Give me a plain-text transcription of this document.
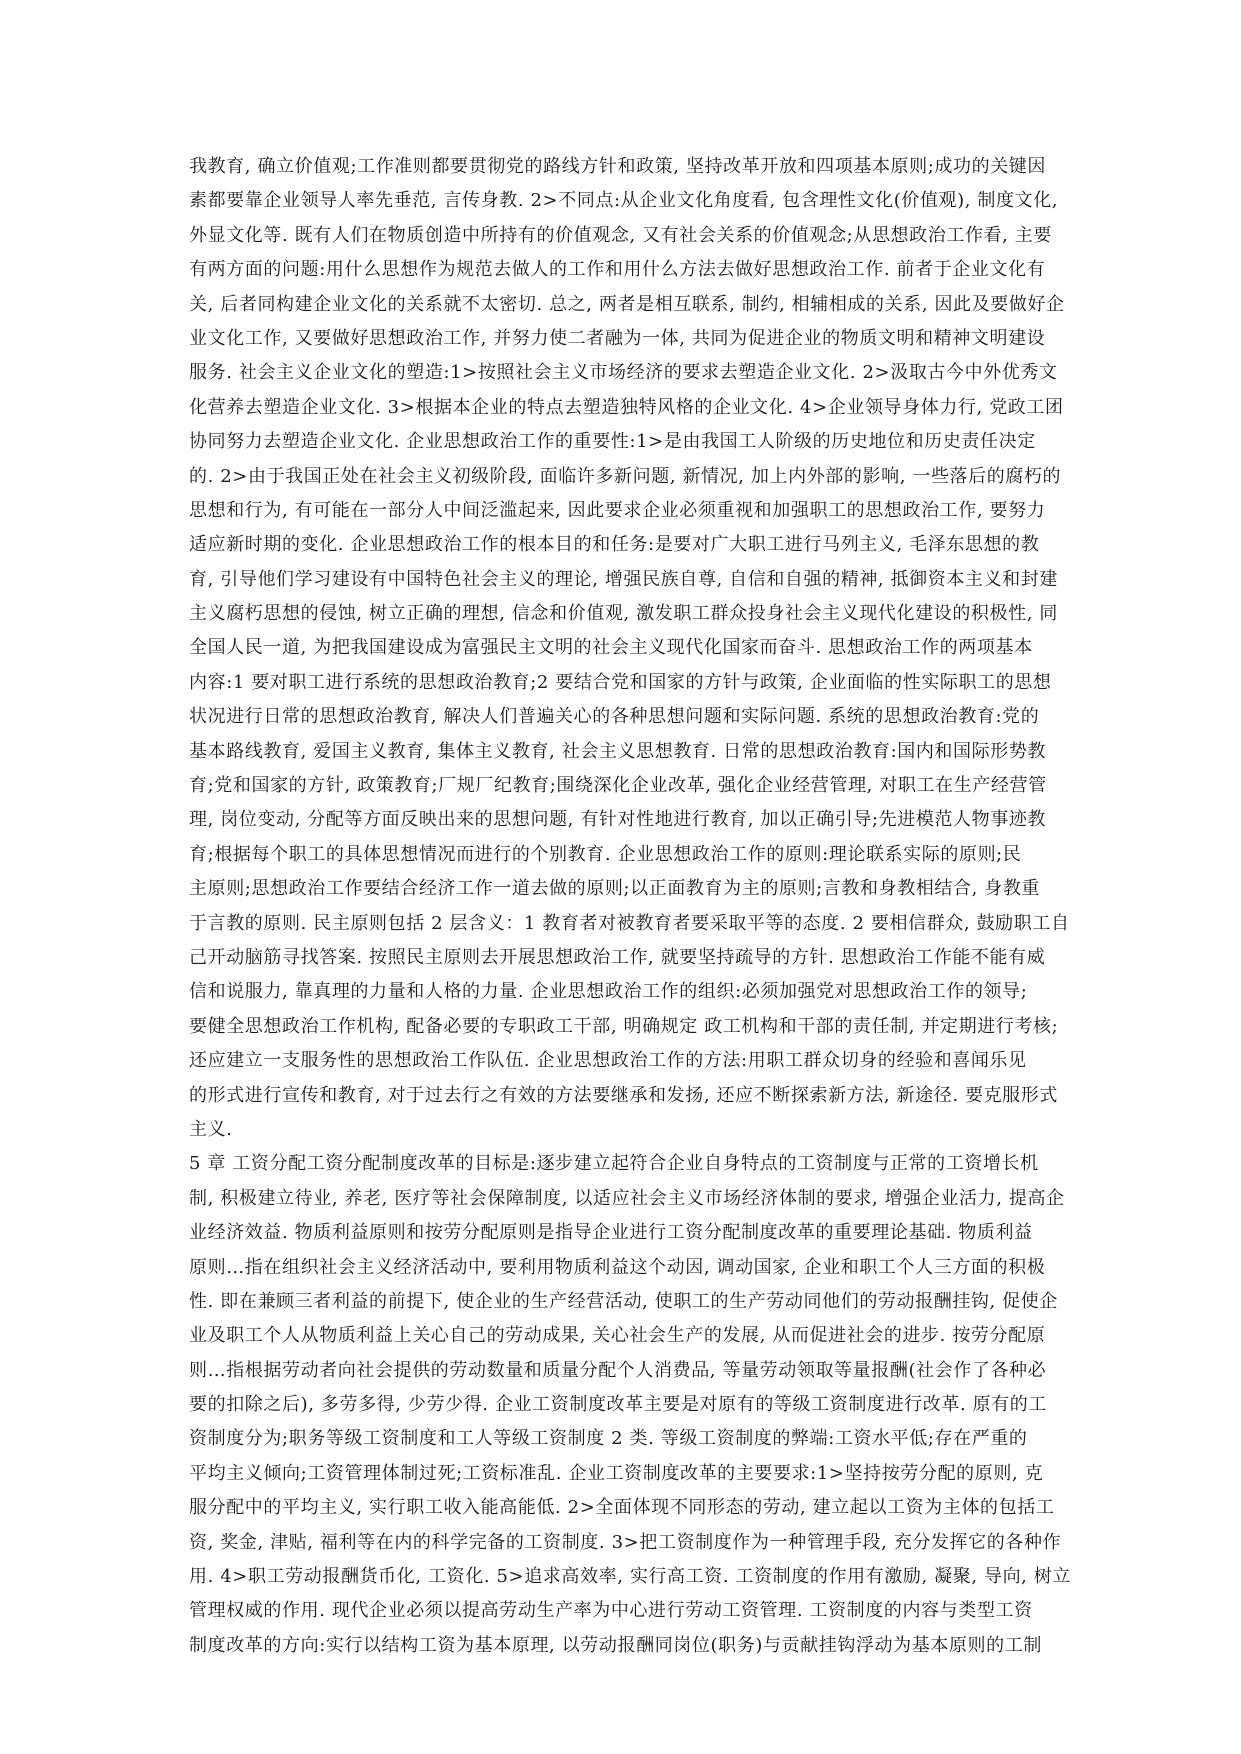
我教育, 确立价值观;工作准则都要贯彻党的路线方针和政策, 坚持改革开放和四项基本原则;成功的关键因
素都要靠企业领导人率先垂范, 言传身教. 2>不同点:从企业文化角度看, 包含理性文化(价值观), 制度文化,
外显文化等. 既有人们在物质创造中所持有的价值观念, 又有社会关系的价值观念;从思想政治工作看, 主要
有两方面的问题:用什么思想作为规范去做人的工作和用什么方法去做好思想政治工作. 前者于企业文化有
关, 后者同构建企业文化的关系就不太密切. 总之, 两者是相互联系, 制约, 相辅相成的关系, 因此及要做好企
业文化工作, 又要做好思想政治工作, 并努力使二者融为一体, 共同为促进企业的物质文明和精神文明建设
服务. 社会主义企业文化的塑造:1>按照社会主义市场经济的要求去塑造企业文化. 2>汲取古今中外优秀文
化营养去塑造企业文化. 3>根据本企业的特点去塑造独特风格的企业文化. 4>企业领导身体力行, 党政工团
协同努力去塑造企业文化. 企业思想政治工作的重要性:1>是由我国工人阶级的历史地位和历史责任决定
的. 2>由于我国正处在社会主义初级阶段, 面临许多新问题, 新情况, 加上内外部的影响, 一些落后的腐朽的
思想和行为, 有可能在一部分人中间泛滥起来, 因此要求企业必须重视和加强职工的思想政治工作, 要努力
适应新时期的变化. 企业思想政治工作的根本目的和任务:是要对广大职工进行马列主义, 毛泽东思想的教
育, 引导他们学习建设有中国特色社会主义的理论, 增强民族自尊, 自信和自强的精神, 抵御资本主义和封建
主义腐朽思想的侵蚀, 树立正确的理想, 信念和价值观, 激发职工群众投身社会主义现代化建设的积极性, 同
全国人民一道, 为把我国建设成为富强民主文明的社会主义现代化国家而奋斗. 思想政治工作的两项基本
内容:1 要对职工进行系统的思想政治教育;2 要结合党和国家的方针与政策, 企业面临的性实际职工的思想
状况进行日常的思想政治教育, 解决人们普遍关心的各种思想问题和实际问题. 系统的思想政治教育:党的
基本路线教育, 爱国主义教育, 集体主义教育, 社会主义思想教育. 日常的思想政治教育:国内和国际形势教
育;党和国家的方针, 政策教育;厂规厂纪教育;围绕深化企业改革, 强化企业经营管理, 对职工在生产经营管
理, 岗位变动, 分配等方面反映出来的思想问题, 有针对性地进行教育, 加以正确引导;先进模范人物事迹教
育;根据每个职工的具体思想情况而进行的个别教育. 企业思想政治工作的原则:理论联系实际的原则;民
主原则;思想政治工作要结合经济工作一道去做的原则;以正面教育为主的原则;言教和身教相结合, 身教重
于言教的原则. 民主原则包括 2 层含义：1 教育者对被教育者要采取平等的态度. 2 要相信群众, 鼓励职工自
己开动脑筋寻找答案. 按照民主原则去开展思想政治工作, 就要坚持疏导的方针. 思想政治工作能不能有威
信和说服力, 靠真理的力量和人格的力量. 企业思想政治工作的组织:必须加强党对思想政治工作的领导;
要健全思想政治工作机构, 配备必要的专职政工干部, 明确规定 政工机构和干部的责任制, 并定期进行考核;
还应建立一支服务性的思想政治工作队伍. 企业思想政治工作的方法:用职工群众切身的经验和喜闻乐见
的形式进行宣传和教育, 对于过去行之有效的方法要继承和发扬, 还应不断探索新方法, 新途径. 要克服形式
主义.
5 章 工资分配工资分配制度改革的目标是:逐步建立起符合企业自身特点的工资制度与正常的工资增长机
制, 积极建立待业, 养老, 医疗等社会保障制度, 以适应社会主义市场经济体制的要求, 增强企业活力, 提高企
业经济效益. 物质利益原则和按劳分配原则是指导企业进行工资分配制度改革的重要理论基础. 物质利益
原则…指在组织社会主义经济活动中, 要利用物质利益这个动因, 调动国家, 企业和职工个人三方面的积极
性. 即在兼顾三者利益的前提下, 使企业的生产经营活动, 使职工的生产劳动同他们的劳动报酬挂钩, 促使企
业及职工个人从物质利益上关心自己的劳动成果, 关心社会生产的发展, 从而促进社会的进步. 按劳分配原
则…指根据劳动者向社会提供的劳动数量和质量分配个人消费品, 等量劳动领取等量报酬(社会作了各种必
要的扣除之后), 多劳多得, 少劳少得. 企业工资制度改革主要是对原有的等级工资制度进行改革. 原有的工
资制度分为;职务等级工资制度和工人等级工资制度 2 类. 等级工资制度的弊端:工资水平低;存在严重的
平均主义倾向;工资管理体制过死;工资标准乱. 企业工资制度改革的主要要求:1>坚持按劳分配的原则, 克
服分配中的平均主义, 实行职工收入能高能低. 2>全面体现不同形态的劳动, 建立起以工资为主体的包括工
资, 奖金, 津贴, 福利等在内的科学完备的工资制度. 3>把工资制度作为一种管理手段, 充分发挥它的各种作
用. 4>职工劳动报酬货币化, 工资化. 5>追求高效率, 实行高工资. 工资制度的作用有激励, 凝聚, 导向, 树立
管理权威的作用. 现代企业必须以提高劳动生产率为中心进行劳动工资管理. 工资制度的内容与类型工资
制度改革的方向:实行以结构工资为基本原理, 以劳动报酬同岗位(职务)与贡献挂钩浮动为基本原则的工制
